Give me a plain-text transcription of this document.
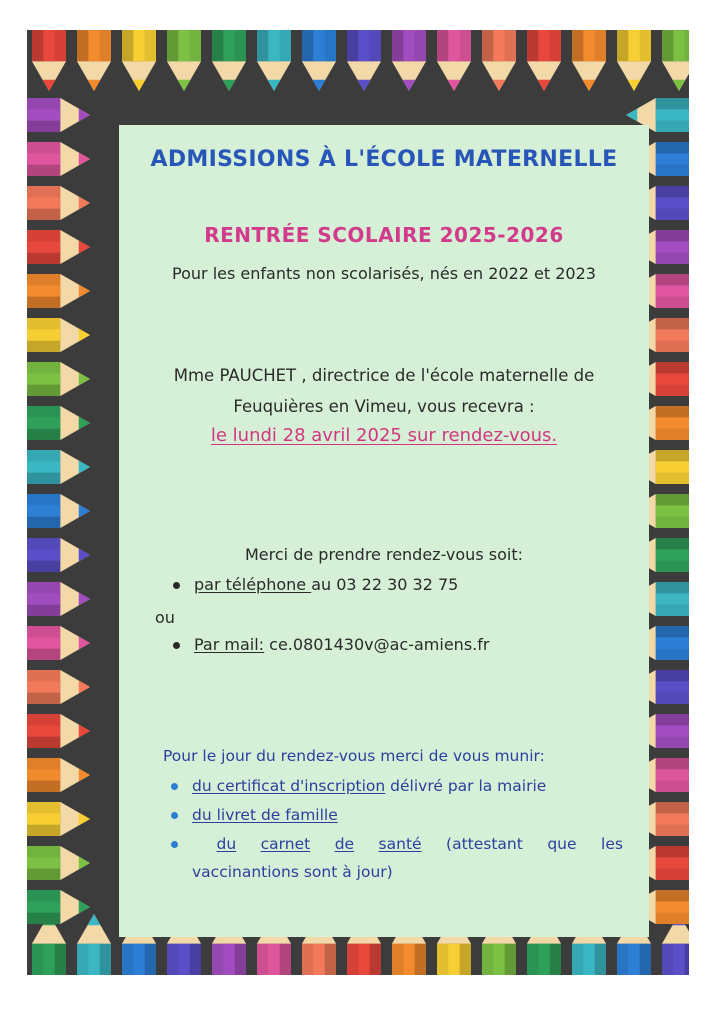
ADMISSIONS À L'ÉCOLE MATERNELLE

RENTRÉE SCOLAIRE 2025-2026

Pour les enfants non scolarisés, nés en 2022 et 2023

Mme PAUCHET , directrice de l'école maternelle de Feuquières en Vimeu, vous recevra :

le lundi 28 avril 2025 sur rendez-vous.

Merci de prendre rendez-vous soit:

par téléphone au 03 22 30 32 75
ou
Par mail: ce.0801430v@ac-amiens.fr
Pour le jour du rendez-vous merci de vous munir:
du certificat d'inscription délivré par la mairie
du livret de famille
du carnet de santé (attestant que les
vaccinantions sont à jour)
